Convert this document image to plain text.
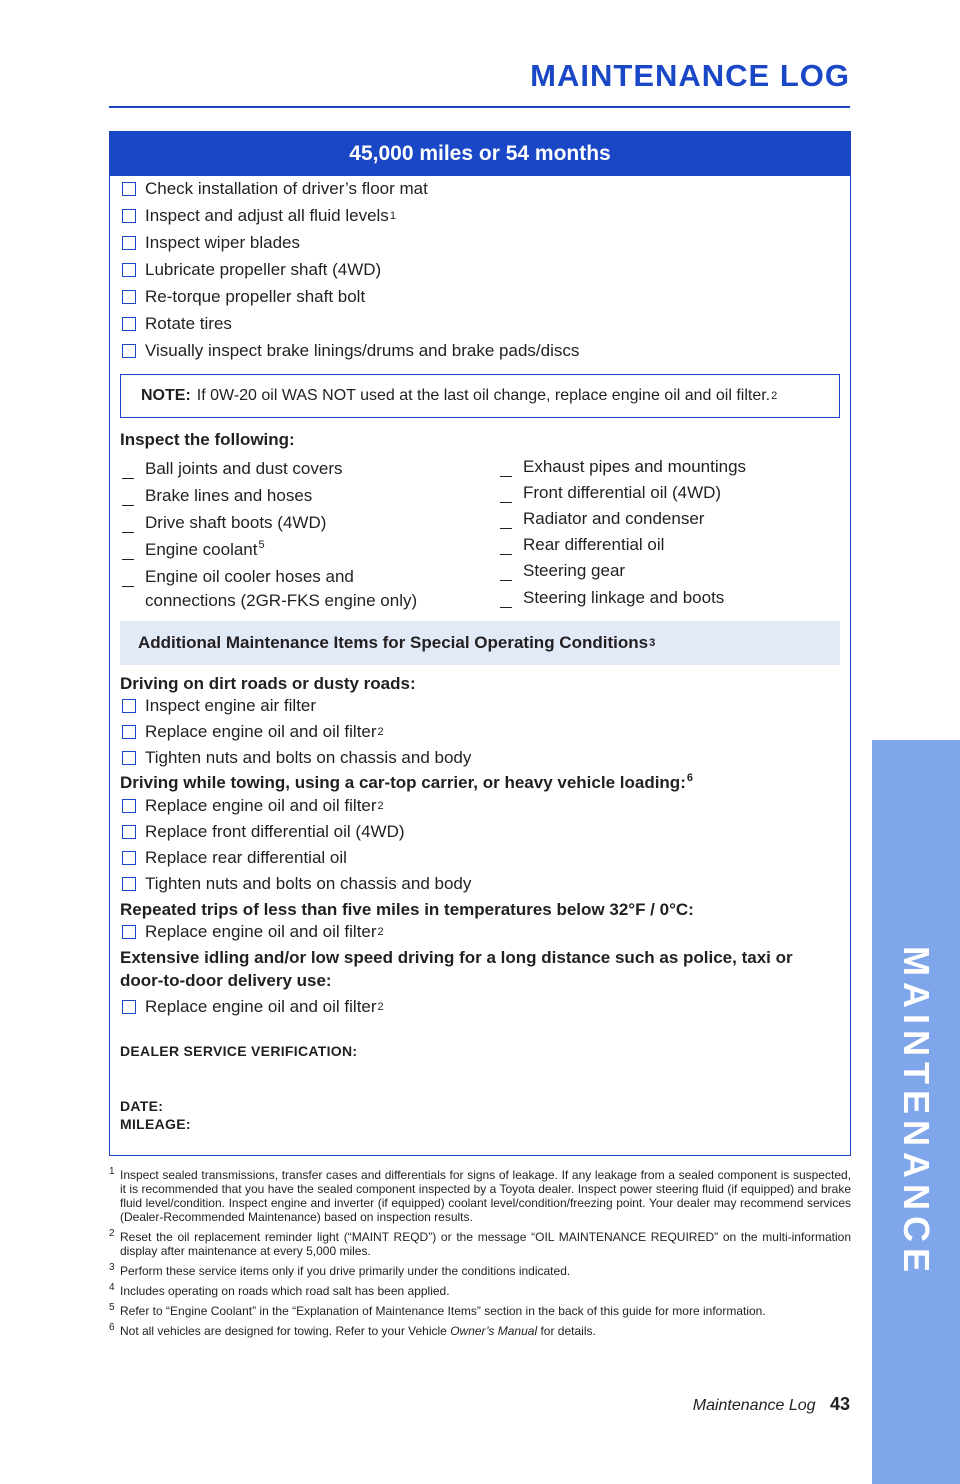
MAINTENANCE LOG
MAINTENANCE
45,000 miles or 54 months
Check installation of driver’s floor mat
Inspect and adjust all fluid levels 1
Inspect wiper blades
Lubricate propeller shaft (4WD)
Re-torque propeller shaft bolt
Rotate tires
Visually inspect brake linings/drums and brake pads/discs
NOTE: If 0W-20 oil WAS NOT used at the last oil change, replace engine oil and oil filter. 2
Inspect the following:
Ball joints and dust covers
Brake lines and hoses
Drive shaft boots (4WD)
Engine coolant$^5$
Engine oil cooler hoses and
connections (2GR-FKS engine only)
Exhaust pipes and mountings
Front differential oil (4WD)
Radiator and condenser
Rear differential oil
Steering gear
Steering linkage and boots
Additional Maintenance Items for Special Operating Conditions 3
Driving on dirt roads or dusty roads:
Inspect engine air filter
Replace engine oil and oil filter 2
Tighten nuts and bolts on chassis and body
Driving while towing, using a car-top carrier, or heavy vehicle loading:$^6$
Replace engine oil and oil filter 2
Replace front differential oil (4WD)
Replace rear differential oil
Tighten nuts and bolts on chassis and body
Repeated trips of less than five miles in temperatures below 32°F / 0°C:
Replace engine oil and oil filter 2
Extensive idling and/or low speed driving for a long distance such as police, taxi or
door-to-door delivery use:
Replace engine oil and oil filter 2
DEALER SERVICE VERIFICATION:
DATE:
MILEAGE:
1 Inspect sealed transmissions, transfer cases and differentials for signs of leakage. If any leakage from a sealed component is suspected, it is recommended that you have the sealed component inspected by a Toyota dealer. Inspect power steering fluid (if equipped) and brake fluid level/condition. Inspect engine and inverter (if equipped) coolant level/condition/freezing point. Your dealer may recommend services (Dealer-Recommended Maintenance) based on inspection results.
2 Reset the oil replacement reminder light (“MAINT REQD”) or the message “OIL MAINTENANCE REQUIRED” on the multi-information display after maintenance at every 5,000 miles.
3 Perform these service items only if you drive primarily under the conditions indicated.
4 Includes operating on roads which road salt has been applied.
5 Refer to “Engine Coolant” in the “Explanation of Maintenance Items” section in the back of this guide for more information.
6 Not all vehicles are designed for towing. Refer to your Vehicle Owner’s Manual for details.
Maintenance Log 43
